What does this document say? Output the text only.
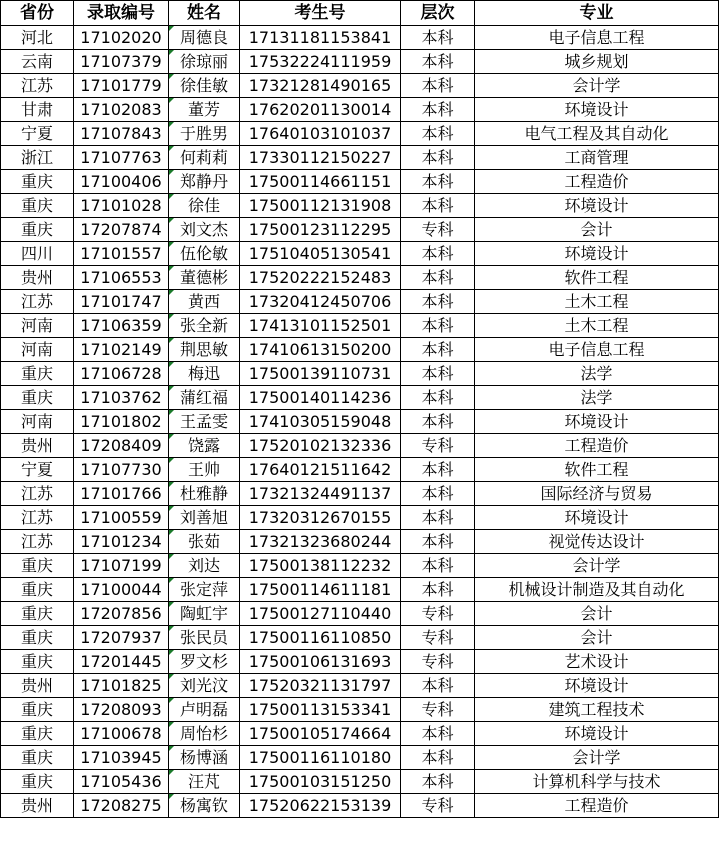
省份	录取编号	姓名	考生号	层次	专业
河北	17102020	周德良	17131181153841	本科	电子信息工程
云南	17107379	徐琼丽	17532224111959	本科	城乡规划
江苏	17101779	徐佳敏	17321281490165	本科	会计学
甘肃	17102083	董芳	17620201130014	本科	环境设计
宁夏	17107843	于胜男	17640103101037	本科	电气工程及其自动化
浙江	17107763	何莉莉	17330112150227	本科	工商管理
重庆	17100406	郑静丹	17500114661151	本科	工程造价
重庆	17101028	徐佳	17500112131908	本科	环境设计
重庆	17207874	刘文杰	17500123112295	专科	会计
四川	17101557	伍伦敏	17510405130541	本科	环境设计
贵州	17106553	董德彬	17520222152483	本科	软件工程
江苏	17101747	黄西	17320412450706	本科	土木工程
河南	17106359	张全新	17413101152501	本科	土木工程
河南	17102149	荆思敏	17410613150200	本科	电子信息工程
重庆	17106728	梅迅	17500139110731	本科	法学
重庆	17103762	蒲红福	17500140114236	本科	法学
河南	17101802	王孟雯	17410305159048	本科	环境设计
贵州	17208409	饶露	17520102132336	专科	工程造价
宁夏	17107730	王帅	17640121511642	本科	软件工程
江苏	17101766	杜雅静	17321324491137	本科	国际经济与贸易
江苏	17100559	刘善旭	17320312670155	本科	环境设计
江苏	17101234	张茹	17321323680244	本科	视觉传达设计
重庆	17107199	刘达	17500138112232	本科	会计学
重庆	17100044	张定萍	17500114611181	本科	机械设计制造及其自动化
重庆	17207856	陶虹宇	17500127110440	专科	会计
重庆	17207937	张民员	17500116110850	专科	会计
重庆	17201445	罗文杉	17500106131693	专科	艺术设计
贵州	17101825	刘光汶	17520321131797	本科	环境设计
重庆	17208093	卢明磊	17500113153341	专科	建筑工程技术
重庆	17100678	周怡杉	17500105174664	本科	环境设计
重庆	17103945	杨博涵	17500116110180	本科	会计学
重庆	17105436	汪芃	17500103151250	本科	计算机科学与技术
贵州	17208275	杨寓钦	17520622153139	专科	工程造价
